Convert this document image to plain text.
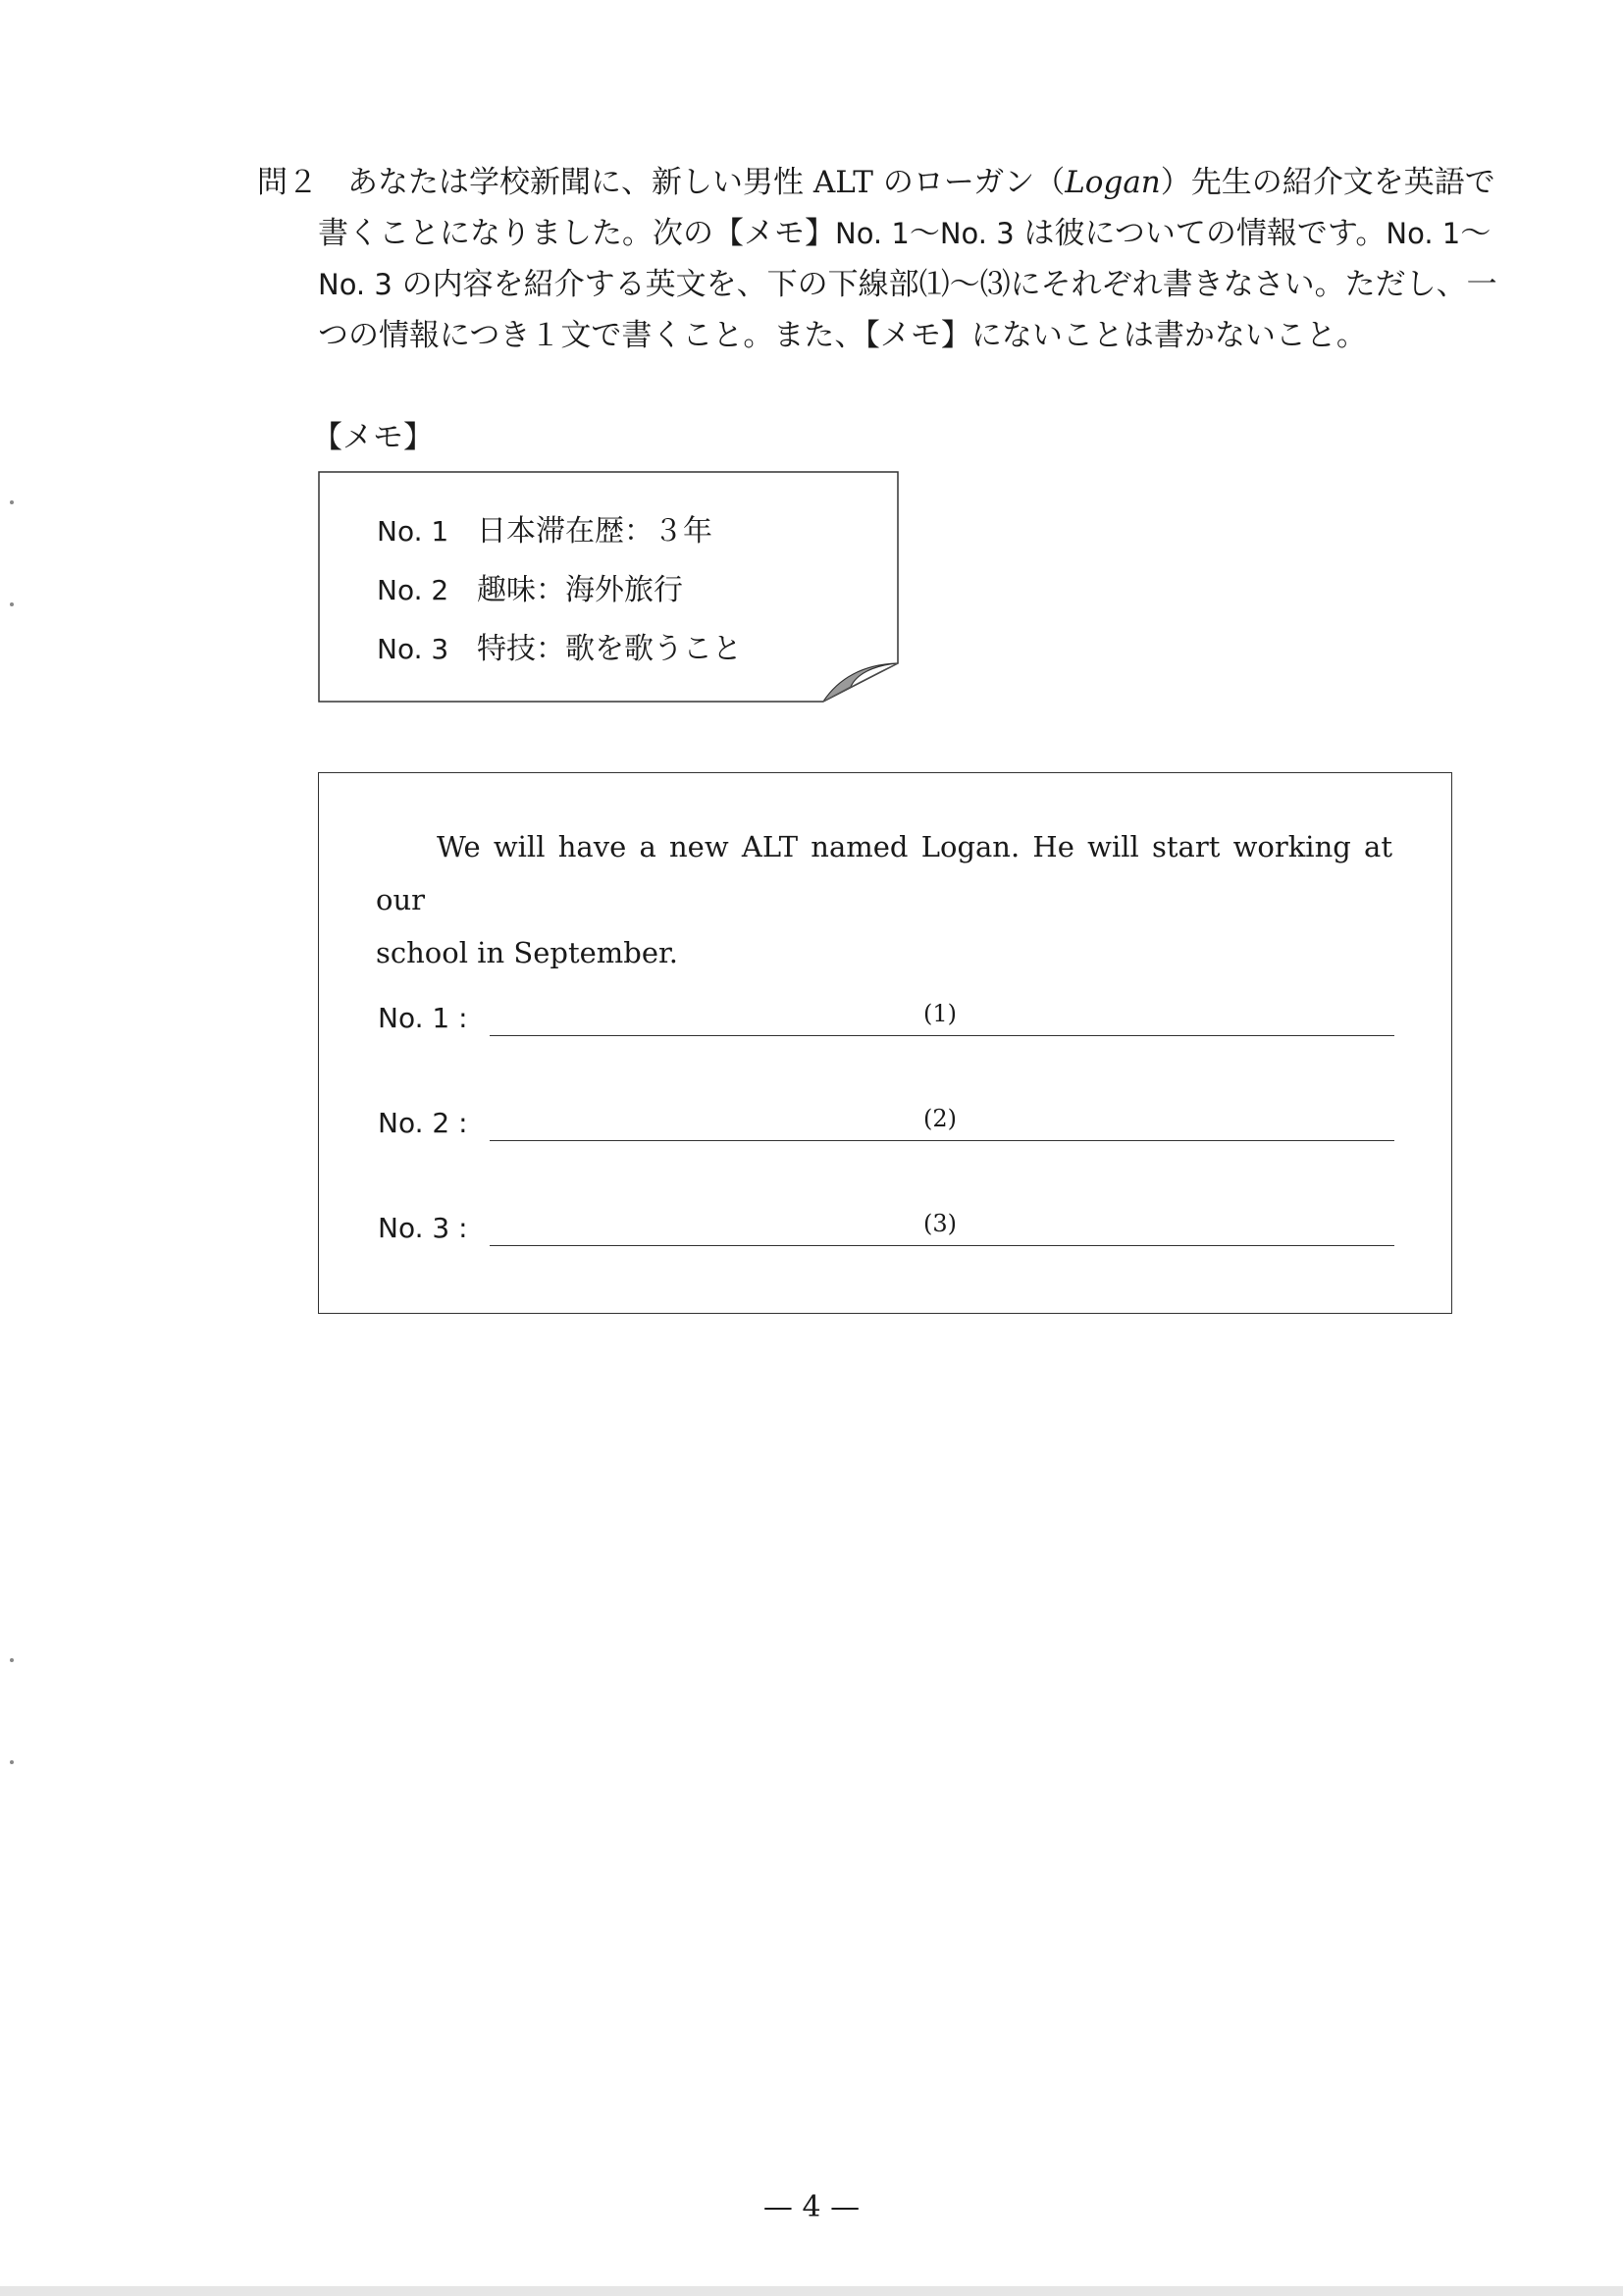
問２ あなたは学校新聞に、新しい男性 ALT のローガン（Logan）先生の紹介文を英語で
書くことになりました。次の【メモ】No. 1～No. 3 は彼についての情報です。No. 1～
No. 3 の内容を紹介する英文を、下の下線部⑴～⑶にそれぞれ書きなさい。ただし、一
つの情報につき１文で書くこと。また、【メモ】にないことは書かないこと。
【メモ】
No. 1 日本滞在歴：３年
No. 2 趣味：海外旅行
No. 3 特技：歌を歌うこと
We will have a new ALT named Logan. He will start working at our
school in September.
No. 1 :	(1)
No. 2 :	(2)
No. 3 :	(3)
— 4 —
